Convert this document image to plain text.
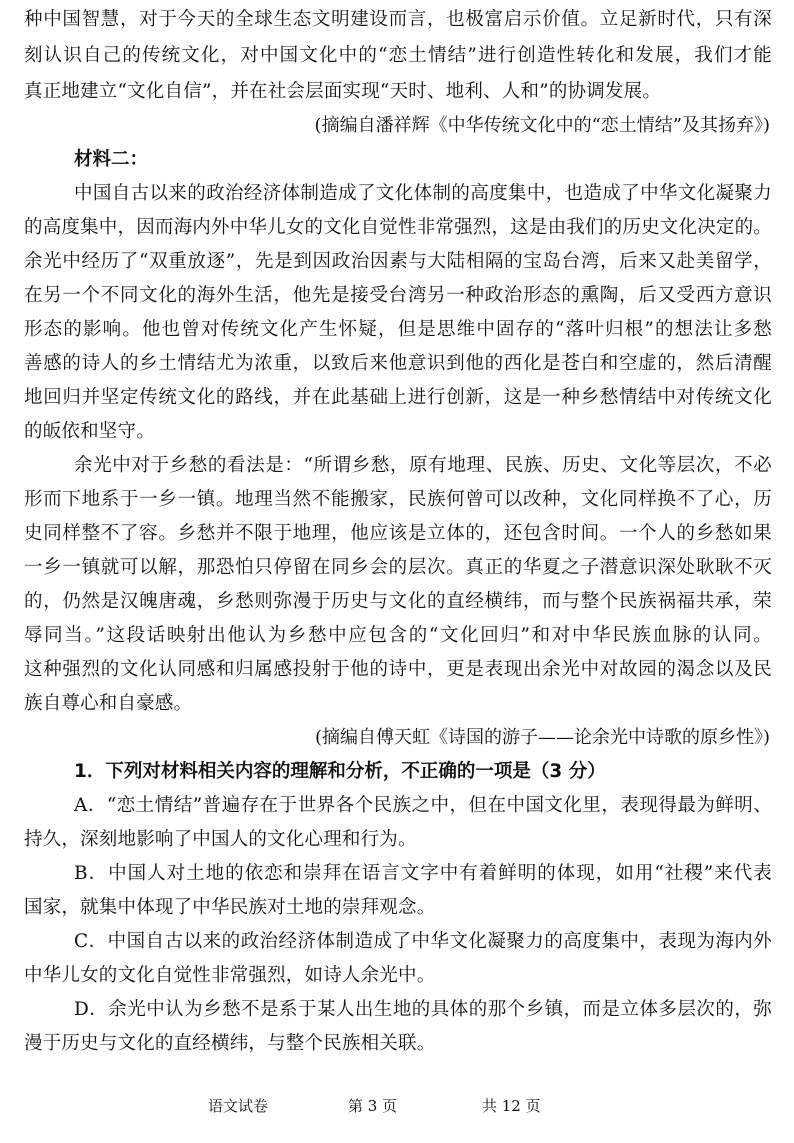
种中国智慧，对于今天的全球生态文明建设而言，也极富启示价值。立足新时代，只有深
刻认识自己的传统文化，对中国文化中的“恋土情结”进行创造性转化和发展，我们才能
真正地建立“文化自信”，并在社会层面实现“天时、地利、人和”的协调发展。
(摘编自潘祥辉《中华传统文化中的“恋土情结”及其扬弃》)
材料二：
中国自古以来的政治经济体制造成了文化体制的高度集中，也造成了中华文化凝聚力
的高度集中，因而海内外中华儿女的文化自觉性非常强烈，这是由我们的历史文化决定的。
余光中经历了“双重放逐”，先是到因政治因素与大陆相隔的宝岛台湾，后来又赴美留学，
在另一个不同文化的海外生活，他先是接受台湾另一种政治形态的熏陶，后又受西方意识
形态的影响。他也曾对传统文化产生怀疑，但是思维中固存的“落叶归根”的想法让多愁
善感的诗人的乡土情结尤为浓重，以致后来他意识到他的西化是苍白和空虚的，然后清醒
地回归并坚定传统文化的路线，并在此基础上进行创新，这是一种乡愁情结中对传统文化
的皈依和坚守。
余光中对于乡愁的看法是：“所谓乡愁，原有地理、民族、历史、文化等层次，不必
形而下地系于一乡一镇。地理当然不能搬家，民族何曾可以改种，文化同样换不了心，历
史同样整不了容。乡愁并不限于地理，他应该是立体的，还包含时间。一个人的乡愁如果
一乡一镇就可以解，那恐怕只停留在同乡会的层次。真正的华夏之子潜意识深处耿耿不灭
的，仍然是汉魄唐魂，乡愁则弥漫于历史与文化的直经横纬，而与整个民族祸福共承，荣
辱同当。”这段话映射出他认为乡愁中应包含的“文化回归”和对中华民族血脉的认同。
这种强烈的文化认同感和归属感投射于他的诗中，更是表现出余光中对故园的渴念以及民
族自尊心和自豪感。
(摘编自傅天虹《诗国的游子——论余光中诗歌的原乡性》)
1．下列对材料相关内容的理解和分析，不正确的一项是（3 分）
A．“恋土情结”普遍存在于世界各个民族之中，但在中国文化里，表现得最为鲜明、
持久，深刻地影响了中国人的文化心理和行为。
B．中国人对土地的依恋和崇拜在语言文字中有着鲜明的体现，如用“社稷”来代表
国家，就集中体现了中华民族对土地的崇拜观念。
C．中国自古以来的政治经济体制造成了中华文化凝聚力的高度集中，表现为海内外
中华儿女的文化自觉性非常强烈，如诗人余光中。
D．余光中认为乡愁不是系于某人出生地的具体的那个乡镇，而是立体多层次的，弥
漫于历史与文化的直经横纬，与整个民族相关联。
语文试卷	第 3 页	共 12 页
